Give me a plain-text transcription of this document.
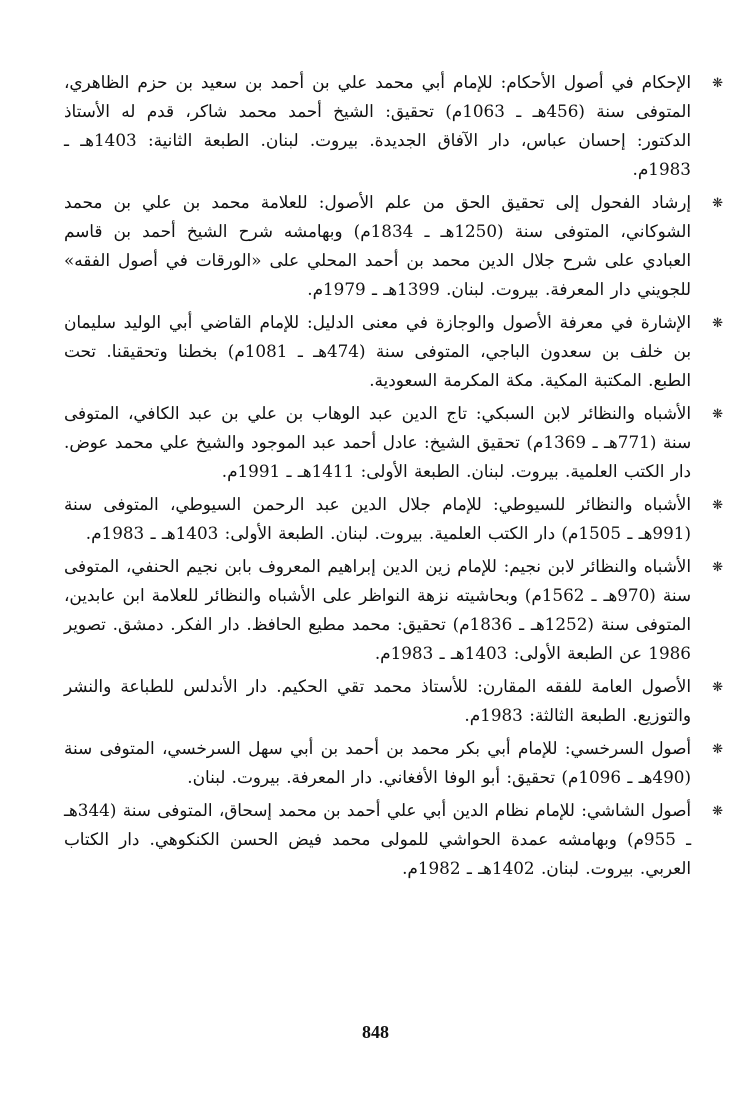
❋

الإحكام في أصول الأحكام: للإمام أبي محمد علي بن أحمد بن سعيد بن حزم الظاهري، المتوفى سنة (456هـ ـ 1063م) تحقيق: الشيخ أحمد محمد شاكر، قدم له الأستاذ الدكتور: إحسان عباس، دار الآفاق الجديدة. بيروت. لبنان. الطبعة الثانية: 1403هـ ـ 1983م.

❋

إرشاد الفحول إلى تحقيق الحق من علم الأصول: للعلامة محمد بن علي بن محمد الشوكاني، المتوفى سنة (1250هـ ـ 1834م) وبهامشه شرح الشيخ أحمد بن قاسم العبادي على شرح جلال الدين محمد بن أحمد المحلي على «الورقات في أصول الفقه» للجويني دار المعرفة. بيروت. لبنان. 1399هـ ـ 1979م.

❋

الإشارة في معرفة الأصول والوجازة في معنى الدليل: للإمام القاضي أبي الوليد سليمان بن خلف بن سعدون الباجي، المتوفى سنة (474هـ ـ 1081م) بخطنا وتحقيقنا. تحت الطبع. المكتبة المكية. مكة المكرمة السعودية.

❋

الأشباه والنظائر لابن السبكي: تاج الدين عبد الوهاب بن علي بن عبد الكافي، المتوفى سنة (771هـ ـ 1369م) تحقيق الشيخ: عادل أحمد عبد الموجود والشيخ علي محمد عوض. دار الكتب العلمية. بيروت. لبنان. الطبعة الأولى: 1411هـ ـ 1991م.

❋

الأشباه والنظائر للسيوطي: للإمام جلال الدين عبد الرحمن السيوطي، المتوفى سنة (991هـ ـ 1505م) دار الكتب العلمية. بيروت. لبنان. الطبعة الأولى: 1403هـ ـ 1983م.

❋

الأشباه والنظائر لابن نجيم: للإمام زين الدين إبراهيم المعروف بابن نجيم الحنفي، المتوفى سنة (970هـ ـ 1562م) وبحاشيته نزهة النواظر على الأشباه والنظائر للعلامة ابن عابدين، المتوفى سنة (1252هـ ـ 1836م) تحقيق: محمد مطيع الحافظ. دار الفكر. دمشق. تصوير 1986 عن الطبعة الأولى: 1403هـ ـ 1983م.

❋

الأصول العامة للفقه المقارن: للأستاذ محمد تقي الحكيم. دار الأندلس للطباعة والنشر والتوزيع. الطبعة الثالثة: 1983م.

❋

أصول السرخسي: للإمام أبي بكر محمد بن أحمد بن أبي سهل السرخسي، المتوفى سنة (490هـ ـ 1096م) تحقيق: أبو الوفا الأفغاني. دار المعرفة. بيروت. لبنان.

❋

أصول الشاشي: للإمام نظام الدين أبي علي أحمد بن محمد إسحاق، المتوفى سنة (344هـ ـ 955م) وبهامشه عمدة الحواشي للمولى محمد فيض الحسن الكنكوهي. دار الكتاب العربي. بيروت. لبنان. 1402هـ ـ 1982م.

848
